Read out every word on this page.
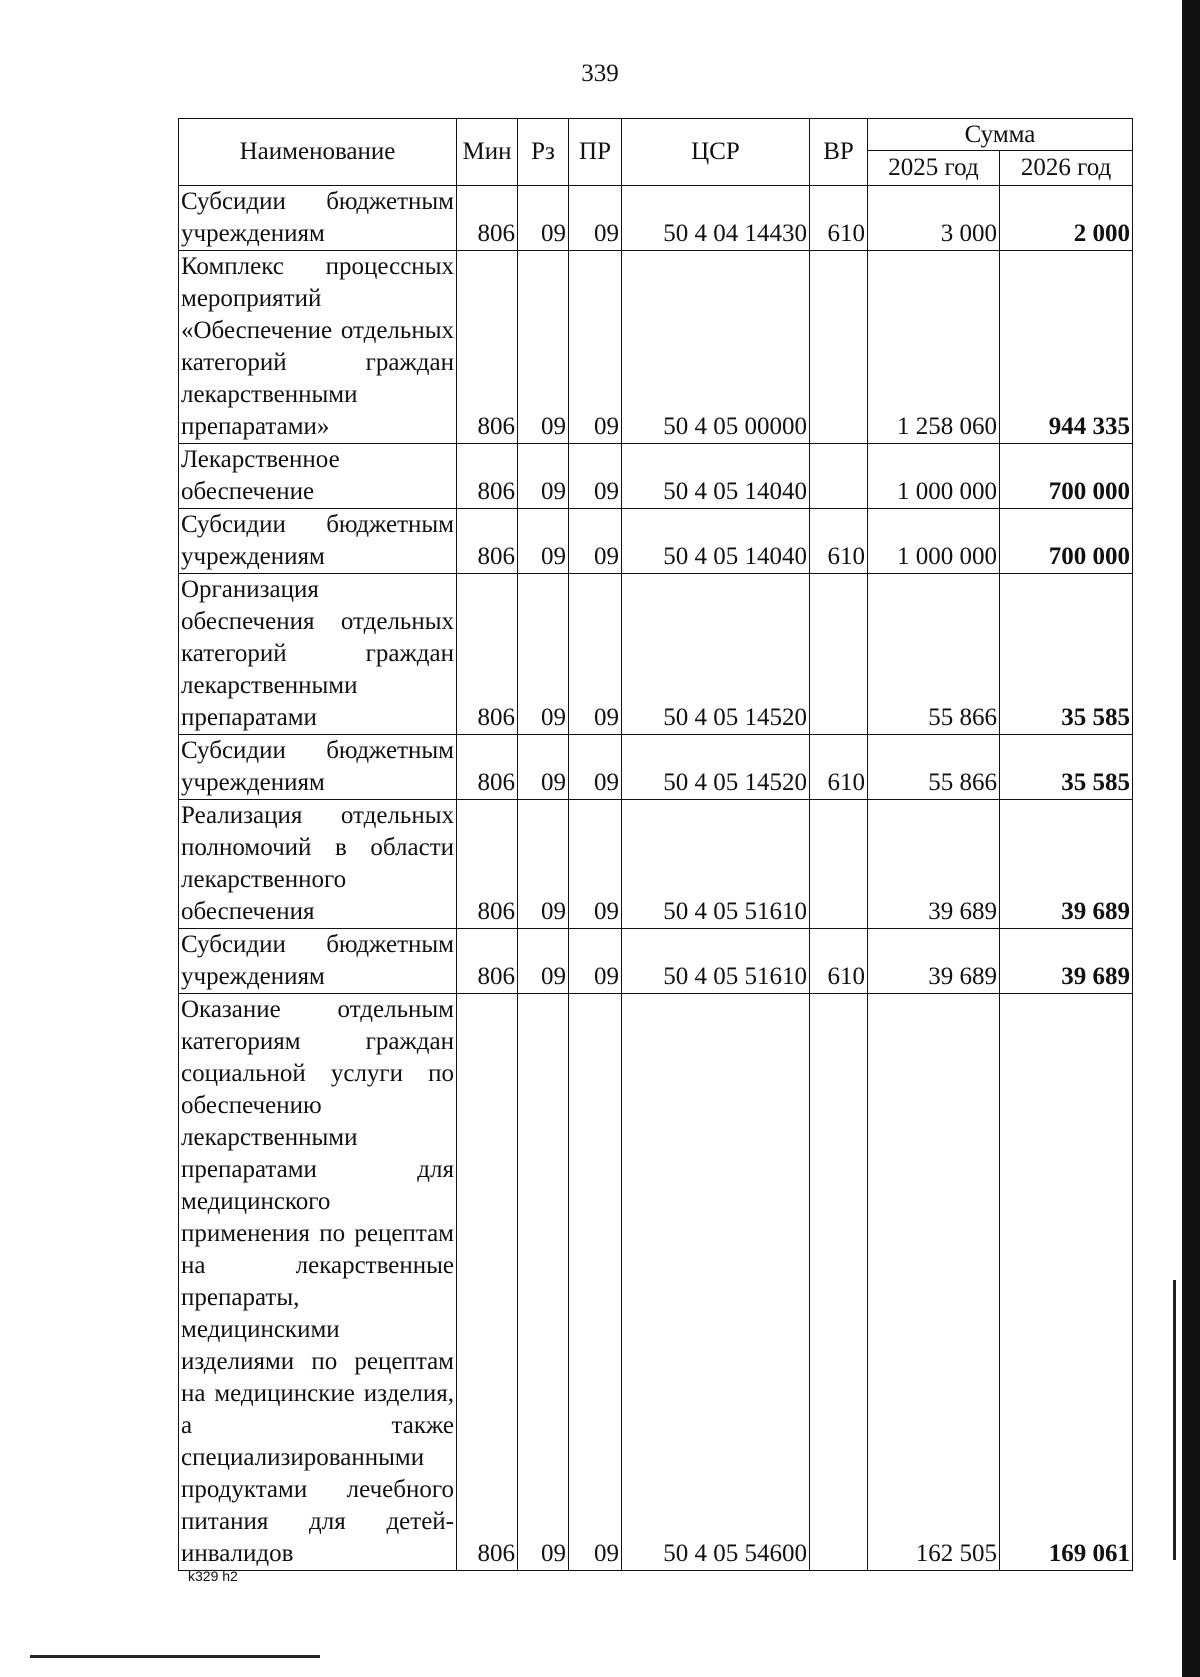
339
Наименование	Мин	Рз	ПР	ЦСР	ВР	Сумма	
						2025 год	2026 год
Субсидии бюджетным учреждениям	806	09	09	50 4 04 14430	610	3 000	2 000
Комплекс процессных мероприятий «Обеспечение отдельных категорий граждан лекарственными препаратами»	806	09	09	50 4 05 00000		1 258 060	944 335
Лекарственное обеспечение	806	09	09	50 4 05 14040		1 000 000	700 000
Субсидии бюджетным учреждениям	806	09	09	50 4 05 14040	610	1 000 000	700 000
Организация обеспечения отдельных категорий граждан лекарственными препаратами	806	09	09	50 4 05 14520		55 866	35 585
Субсидии бюджетным учреждениям	806	09	09	50 4 05 14520	610	55 866	35 585
Реализация отдельных полномочий в области лекарственного обеспечения	806	09	09	50 4 05 51610		39 689	39 689
Субсидии бюджетным учреждениям	806	09	09	50 4 05 51610	610	39 689	39 689
Оказание отдельным категориям граждан социальной услуги по обеспечению лекарственными препаратами для медицинского применения по рецептам на лекарственные препараты, медицинскими изделиями по рецептам на медицинские изделия, а также специализированными продуктами лечебного питания для детей-инвалидов	806	09	09	50 4 05 54600		162 505	169 061
k329 h2
